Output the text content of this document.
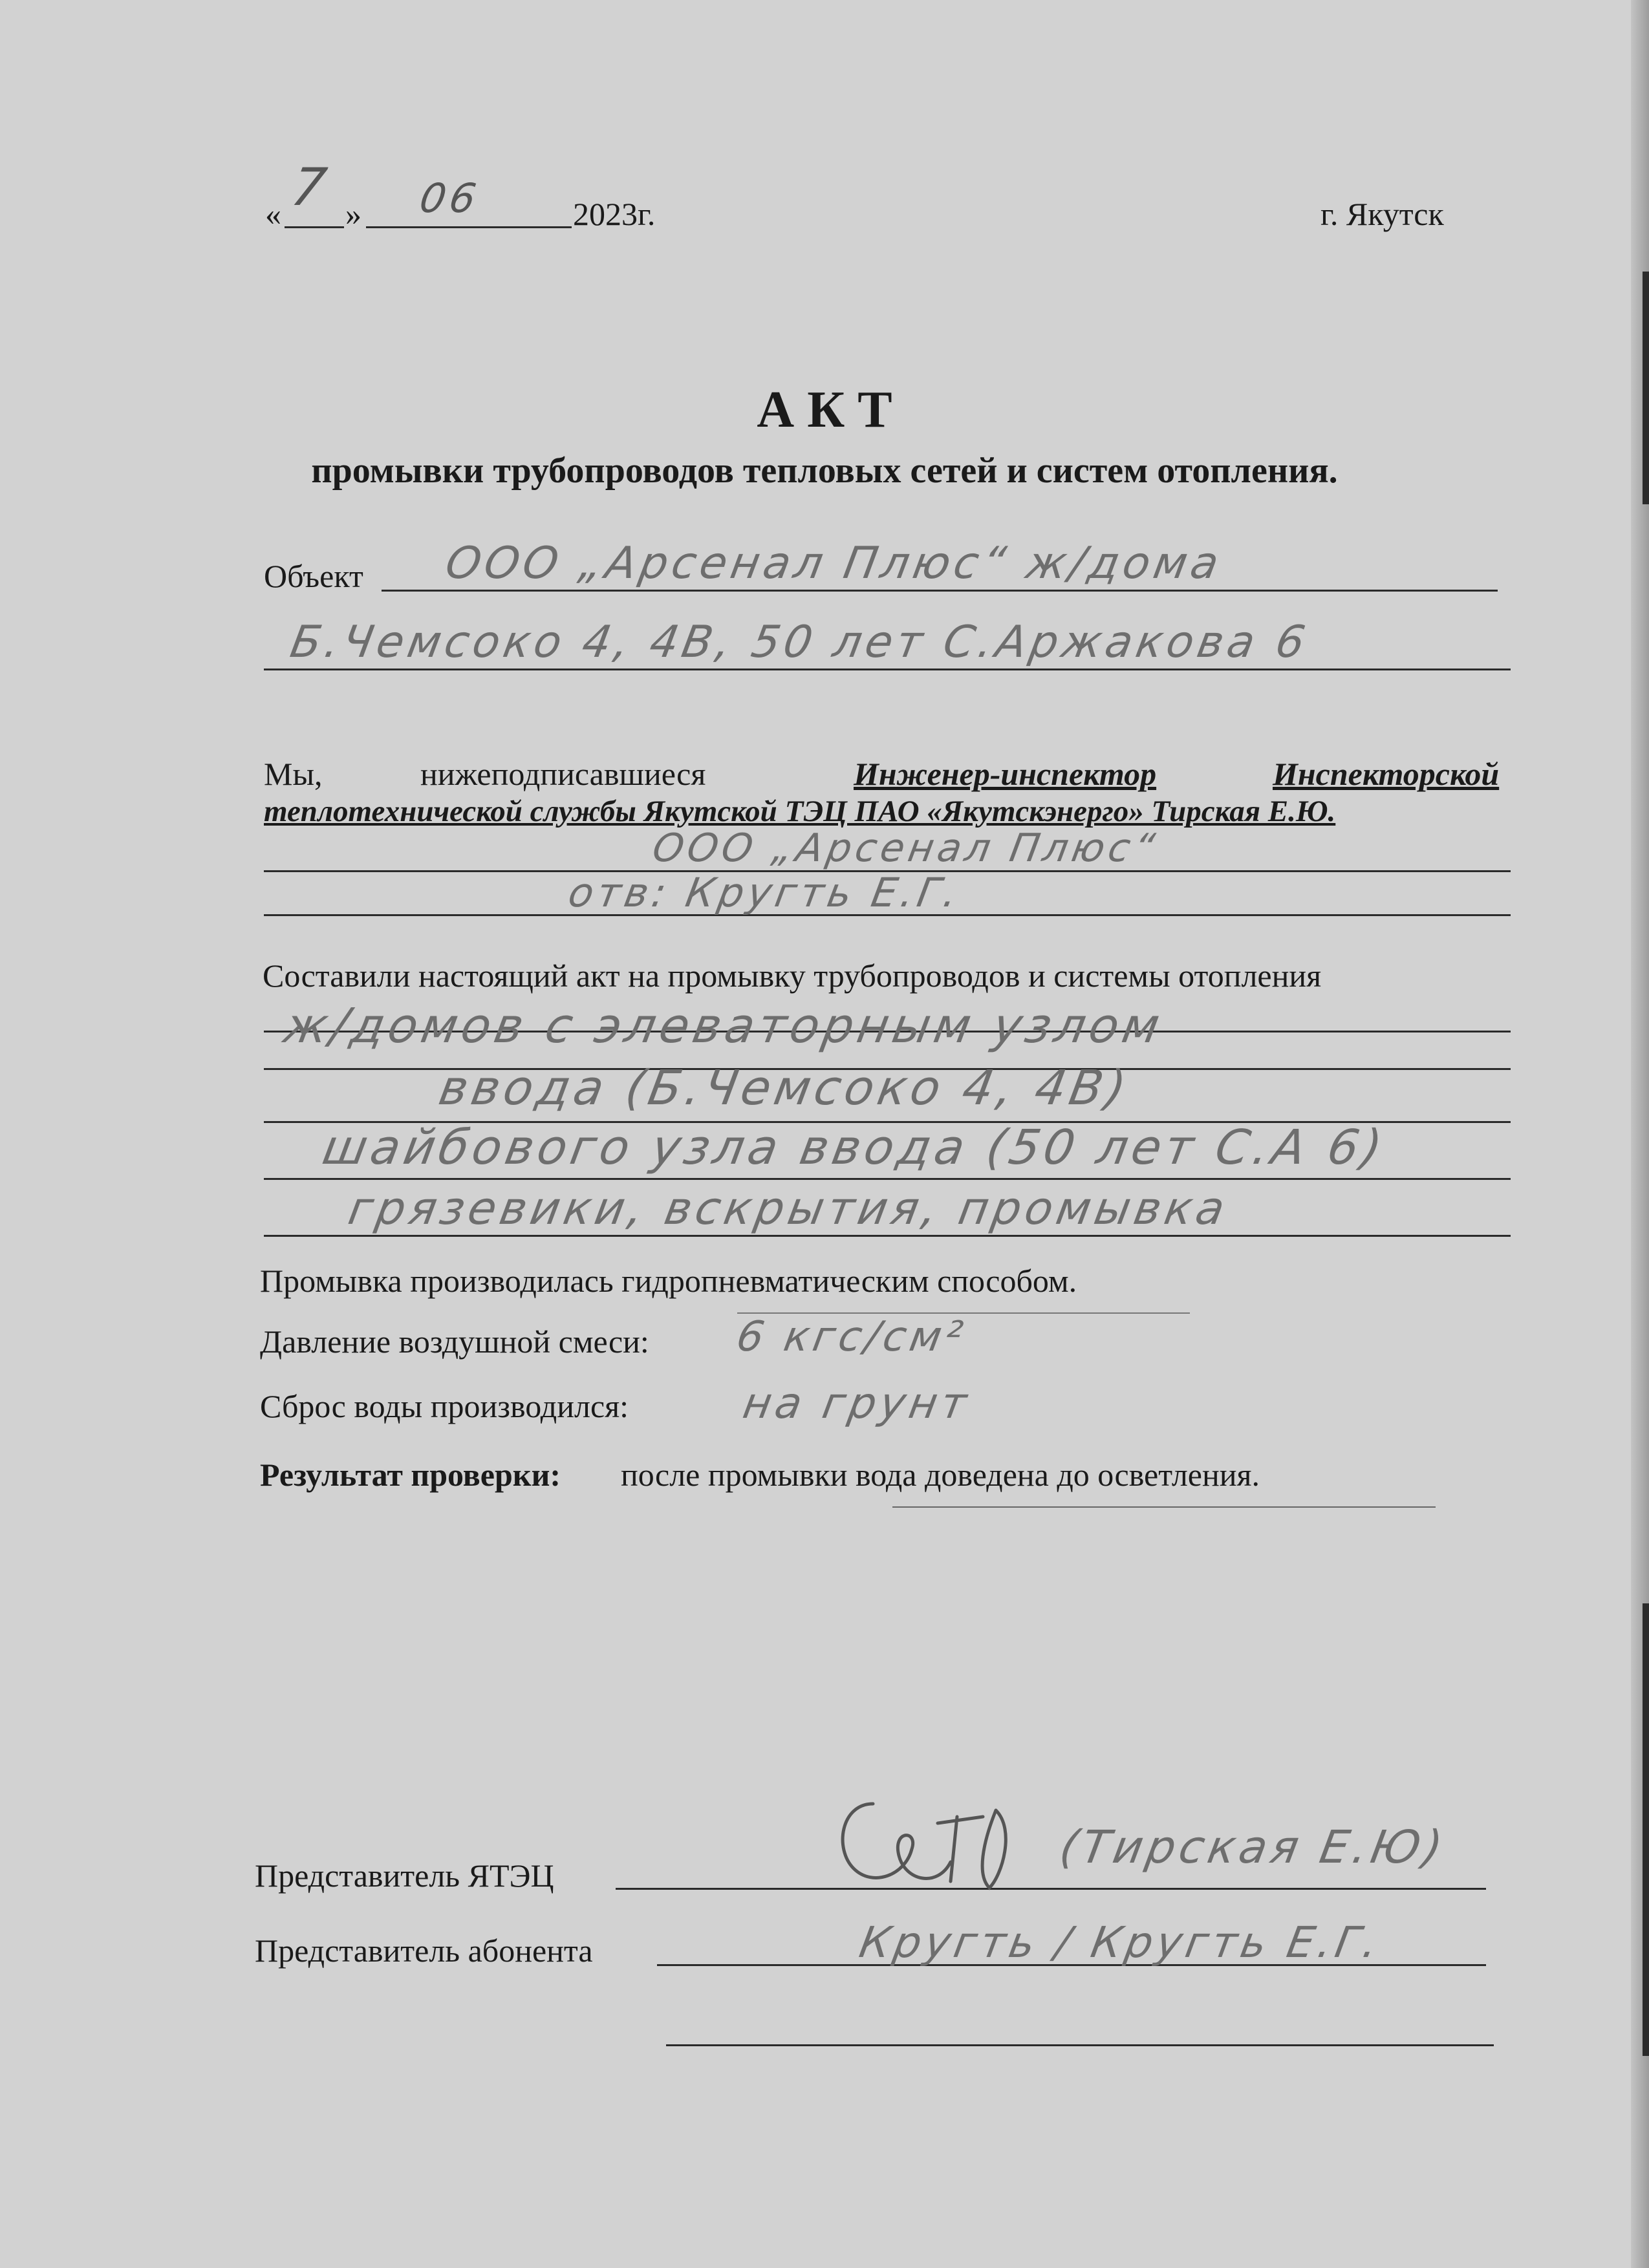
« 7 » 06	2023г.	г. Якутск
А К Т
промывки трубопроводов тепловых сетей и систем отопления.
Объект ООО „Арсенал Плюс“ ж/дома
Б.Чемсоко 4, 4В, 50 лет С.Аржакова 6
Мы,	нижеподписавшиеся	Инженер-инспектор	Инспекторской
теплотехнической службы Якутской ТЭЦ ПАО «Якутскэнерго» Тирская Е.Ю.
ООО „Арсенал Плюс“
отв: Кругть Е.Г.
Составили настоящий акт на промывку трубопроводов и системы отопления
ж/домов с элеваторным узлом
ввода (Б.Чемсоко 4, 4В)
шайбового узла ввода (50 лет С.А 6)
грязевики, вскрытия, промывка
Промывка производилась гидропневматическим способом.
Давление воздушной смеси: 6 кгс/см²
Сброс воды производился:	на грунт
Результат проверки: после промывки вода доведена до осветления.
Представитель ЯТЭЦ
(Тирская Е.Ю)
Представитель абонента	Кругть / Кругть Е.Г.
